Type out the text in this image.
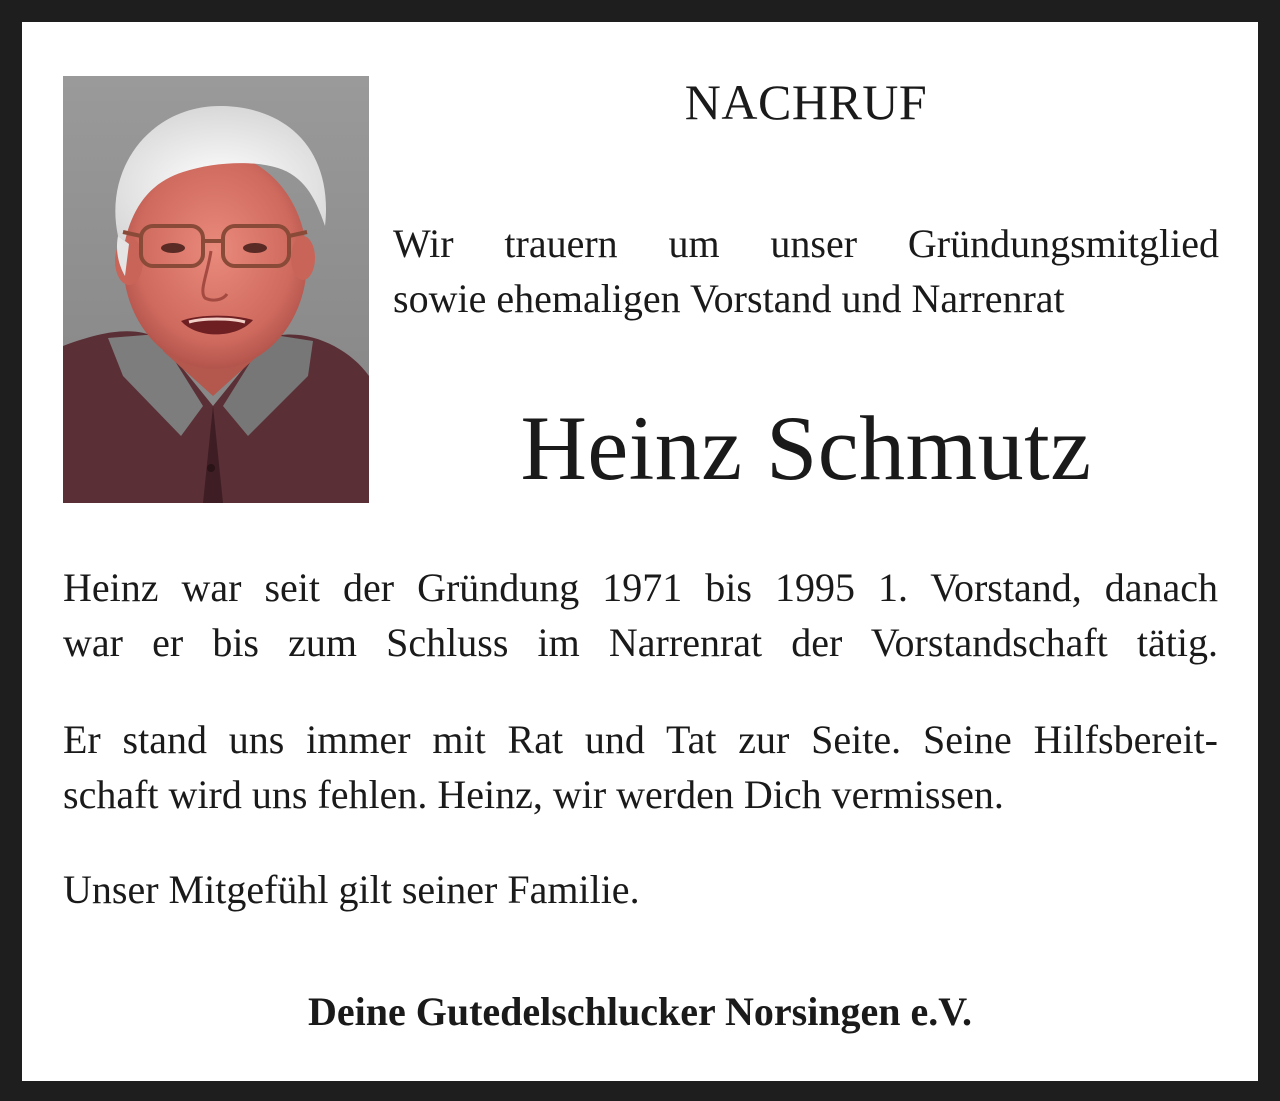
NACHRUF
Wir trauern um unser Gründungsmitglied
sowie ehemaligen Vorstand und Narrenrat
Heinz Schmutz
Heinz war seit der Gründung 1971 bis 1995 1. Vorstand, danach
war er bis zum Schluss im Narrenrat der Vorstandschaft tätig.
Er stand uns immer mit Rat und Tat zur Seite. Seine Hilfsbereit-
schaft wird uns fehlen. Heinz, wir werden Dich vermissen.
Unser Mitgefühl gilt seiner Familie.
Deine Gutedelschlucker Norsingen e.V.
